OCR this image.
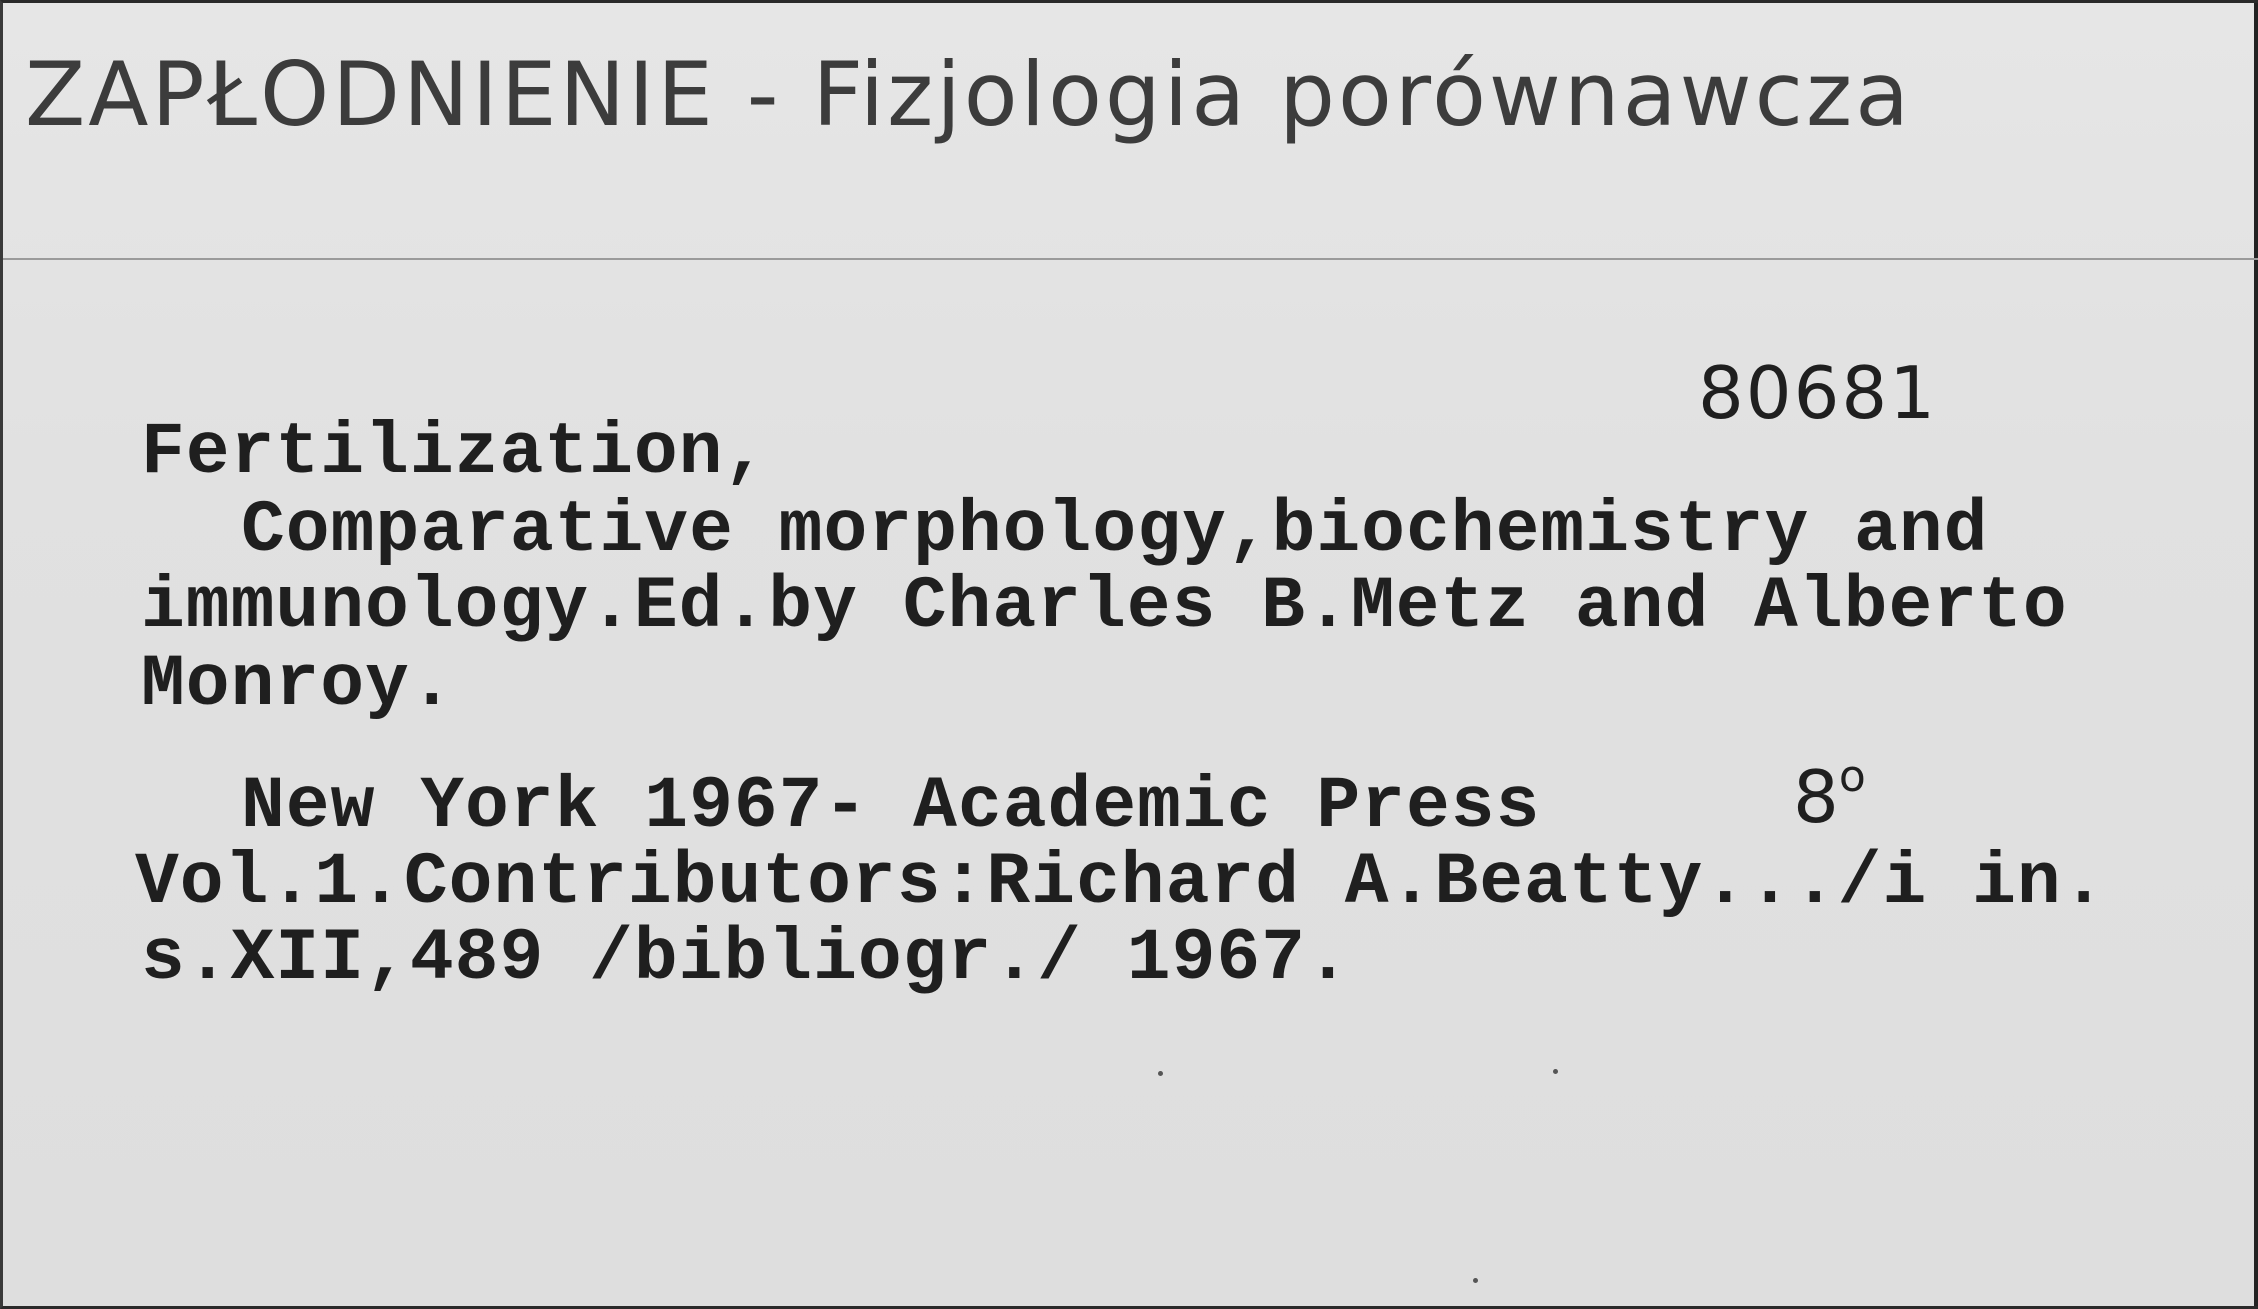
ZAPŁODNIENIE - Fizjologia porównawcza
80681
Fertilization,
Comparative morphology,biochemistry and
immunology.Ed.by Charles B.Metz and Alberto
Monroy.
New York 1967- Academic Press	8$^o$
Vol.1.Contributors:Richard A.Beatty.../i in.
s.XII,489 /bibliogr./ 1967.
